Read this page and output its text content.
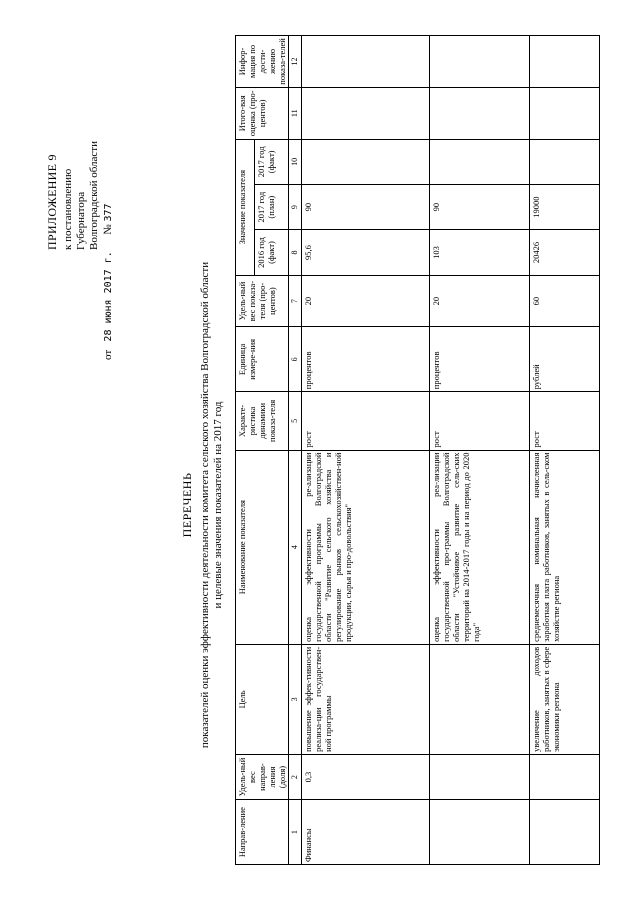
ПРИЛОЖЕНИЕ 9 к постановлению Губернатора Волгоградской области
от   28 июня 2017 г.      № 377
ПЕРЕЧЕНЬ показателей оценки эффективности деятельности комитета сельского хозяйства Волгоградской области и целевые значения показателей на 2017 год
Направ-ление	Удель-ный вес направ-ления (доля)	Цель	Наименование показателя	Характе-ристика динамики показа-теля	Единица измере-ния	Удель-ный вес показа-теля (про-центов)	Значение показателя			Итого-вая оценка (про-центов)	Инфор-мация по дости-жению показа-телей
							2016 год (факт)	2017 год (план)	2017 год (факт)		
1	2	3	4	5	6	7	8	9	10	11	12
Финансы	0,3	повышение эффек-тивности реализа-ции государствен-ной программы	оценка эффективности ре-ализации государственной программы Волгоградской области "Развитие сельского хозяйства и регулирование рынков сельскохозяйствен-ной продукции, сырья и про-довольствия"	рост	процентов	20	95,6	90			
			оценка эффективности реа-лизации государственной про-граммы Волгоградской области "Устойчивое развитие сель-ских территорий на 2014-2017 годы и на период до 2020 года"	рост	процентов	20	103	90			
		увеличение доходов работников, занятых в сфере экономики региона	среднемесячная номинальная начисленная заработная плата работников, занятых в сель-ском хозяйстве региона	рост	рублей	60	20426	19000			
